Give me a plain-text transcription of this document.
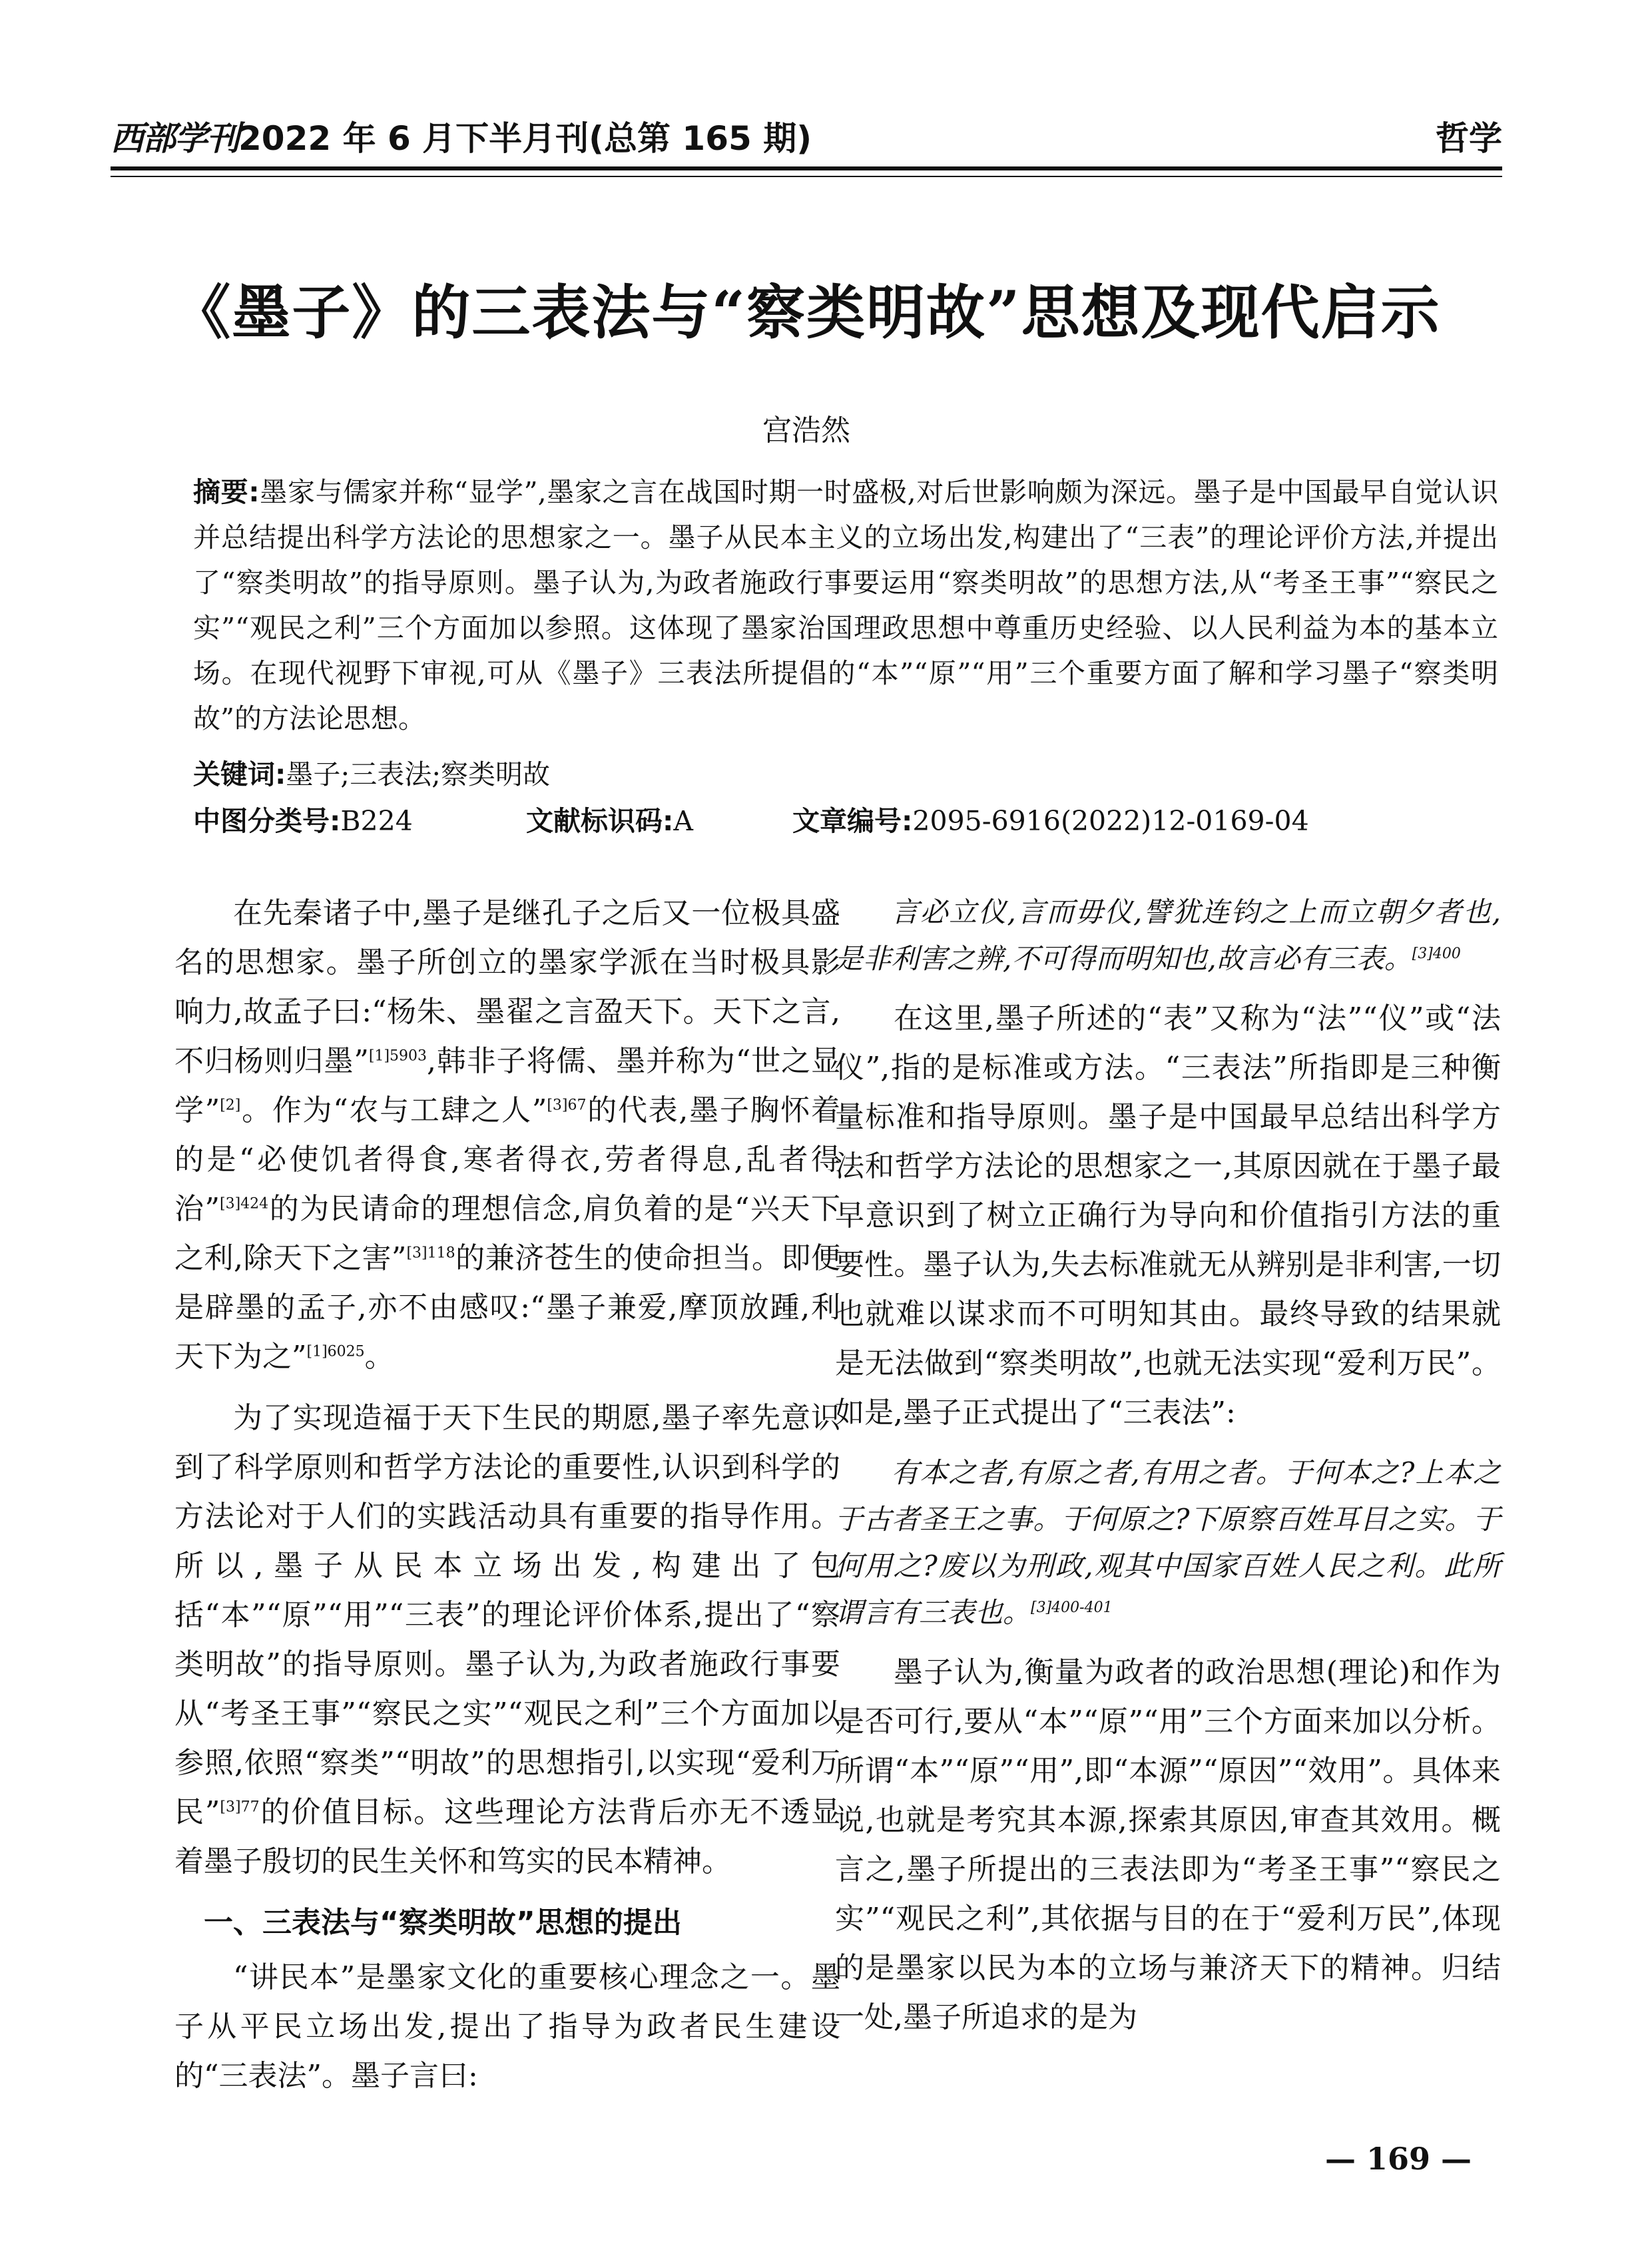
西部学刊2022 年 6 月下半月刊(总第 165 期)	哲学
《墨子》的三表法与“察类明故”思想及现代启示
宫浩然
摘要:墨家与儒家并称“显学”,墨家之言在战国时期一时盛极,对后世影响颇为深远。墨子是中国最早自觉认识并总结提出科学方法论的思想家之一。墨子从民本主义的立场出发,构建出了“三表”的理论评价方法,并提出了“察类明故”的指导原则。墨子认为,为政者施政行事要运用“察类明故”的思想方法,从“考圣王事”“察民之实”“观民之利”三个方面加以参照。这体现了墨家治国理政思想中尊重历史经验、以人民利益为本的基本立场。在现代视野下审视,可从《墨子》三表法所提倡的“本”“原”“用”三个重要方面了解和学习墨子“察类明故”的方法论思想。
关键词:墨子;三表法;察类明故
中图分类号:B224	文献标识码:A	文章编号:2095-6916(2022)12-0169-04

在先秦诸子中,墨子是继孔子之后又一位极具盛名的思想家。墨子所创立的墨家学派在当时极具影响力,故孟子曰:“杨朱、墨翟之言盈天下。天下之言,不归杨则归墨”$^{[1]5903}$,韩非子将儒、墨并称为“世之显学”[2]。作为“农与工肆之人”$^{[3]67}$的代表,墨子胸怀着的是“必使饥者得食,寒者得衣,劳者得息,乱者得治”$^{[3]424}$的为民请命的理想信念,肩负着的是“兴天下之利,除天下之害”$^{[3]118}$的兼济苍生的使命担当。即便是辟墨的孟子,亦不由感叹:“墨子兼爱,摩顶放踵,利天下为之”$^{[1]6025}$。

为了实现造福于天下生民的期愿,墨子率先意识到了科学原则和哲学方法论的重要性,认识到科学的方法论对于人们的实践活动具有重要的指导作用。所以,墨子从民本立场出发,构建出了包括“本”“原”“用”“三表”的理论评价体系,提出了“察类明故”的指导原则。墨子认为,为政者施政行事要从“考圣王事”“察民之实”“观民之利”三个方面加以参照,依照“察类”“明故”的思想指引,以实现“爱利万民”$^{[3]77}$的价值目标。这些理论方法背后亦无不透显着墨子殷切的民生关怀和笃实的民本精神。

一、三表法与“察类明故”思想的提出

“讲民本”是墨家文化的重要核心理念之一。墨子从平民立场出发,提出了指导为政者民生建设的“三表法”。墨子言曰:

言必立仪,言而毋仪,譬犹连钧之上而立朝夕者也,是非利害之辨,不可得而明知也,故言必有三表。$^{[3]400}$

在这里,墨子所述的“表”又称为“法”“仪”或“法仪”,指的是标准或方法。“三表法”所指即是三种衡量标准和指导原则。墨子是中国最早总结出科学方法和哲学方法论的思想家之一,其原因就在于墨子最早意识到了树立正确行为导向和价值指引方法的重要性。墨子认为,失去标准就无从辨别是非利害,一切也就难以谋求而不可明知其由。最终导致的结果就是无法做到“察类明故”,也就无法实现“爱利万民”。如是,墨子正式提出了“三表法”:

有本之者,有原之者,有用之者。于何本之?上本之于古者圣王之事。于何原之?下原察百姓耳目之实。于何用之?废以为刑政,观其中国家百姓人民之利。此所谓言有三表也。$^{[3]400-401}$

墨子认为,衡量为政者的政治思想(理论)和作为是否可行,要从“本”“原”“用”三个方面来加以分析。所谓“本”“原”“用”,即“本源”“原因”“效用”。具体来说,也就是考究其本源,探索其原因,审查其效用。概言之,墨子所提出的三表法即为“考圣王事”“察民之实”“观民之利”,其依据与目的在于“爱利万民”,体现的是墨家以民为本的立场与兼济天下的精神。归结一处,墨子所追求的是为

— 169 —
